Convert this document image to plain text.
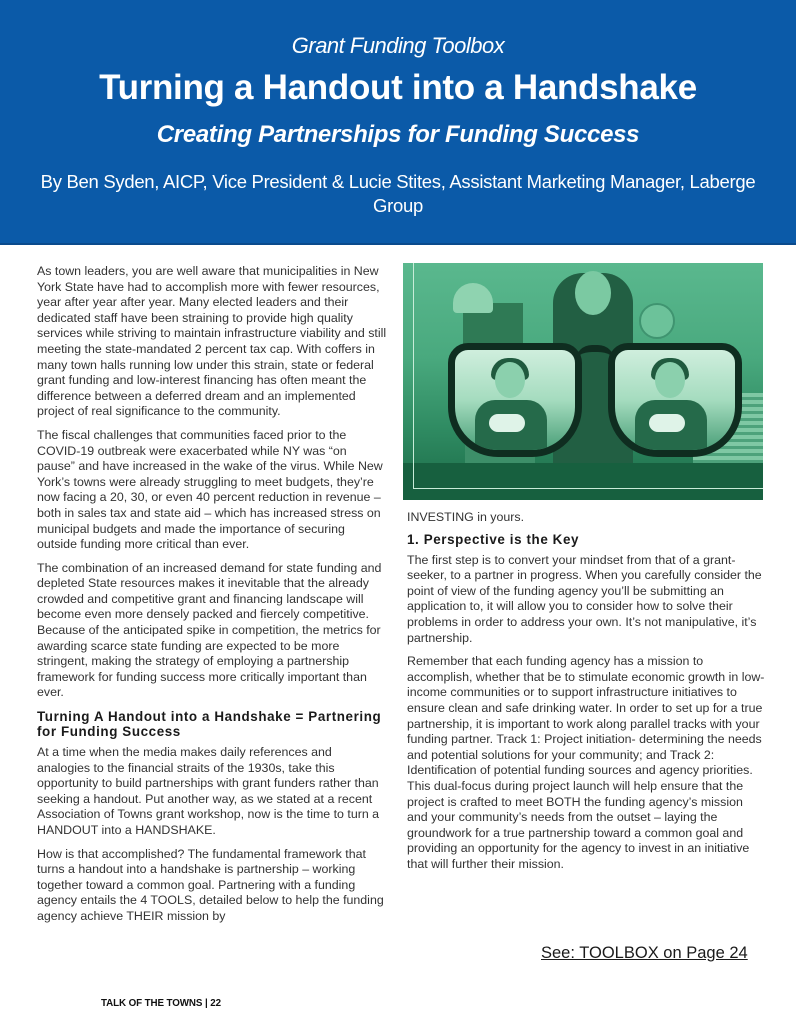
Grant Funding Toolbox
Turning a Handout into a Handshake
Creating Partnerships for Funding Success
By Ben Syden, AICP, Vice President & Lucie Stites, Assistant Marketing Manager, Laberge Group

As town leaders, you are well aware that municipalities in New York State have had to accomplish more with fewer resources, year after year after year. Many elected leaders and their dedicated staff have been straining to provide high quality services while striving to maintain infrastructure viability and still meeting the state-mandated 2 percent tax cap. With coffers in many town halls running low under this strain, state or federal grant funding and low-interest financing has often meant the difference between a deferred dream and an implemented project of real significance to the community.

The fiscal challenges that communities faced prior to the COVID-19 outbreak were exacerbated while NY was “on pause” and have increased in the wake of the virus. While New York’s towns were already struggling to meet budgets, they’re now facing a 20, 30, or even 40 percent reduction in revenue – both in sales tax and state aid – which has increased stress on municipal budgets and made the importance of securing outside funding more critical than ever.

The combination of an increased demand for state funding and depleted State resources makes it inevitable that the already crowded and competitive grant and financing landscape will become even more densely packed and fiercely competitive. Because of the anticipated spike in competition, the metrics for awarding scarce state funding are expected to be more stringent, making the strategy of employing a partnership framework for funding success more critically important than ever.

Turning A Handout into a Handshake = Partnering for Funding Success

At a time when the media makes daily references and analogies to the financial straits of the 1930s, take this opportunity to build partnerships with grant funders rather than seeking a handout. Put another way, as we stated at a recent Association of Towns grant workshop, now is the time to turn a HANDOUT into a HANDSHAKE.

How is that accomplished? The fundamental framework that turns a handout into a handshake is partnership – working together toward a common goal. Partnering with a funding agency entails the 4 TOOLS, detailed below to help the funding agency achieve THEIR mission by

INVESTING in yours.

1. Perspective is the Key

The first step is to convert your mindset from that of a grant-seeker, to a partner in progress. When you carefully consider the point of view of the funding agency you’ll be submitting an application to, it will allow you to consider how to solve their problems in order to address your own. It’s not manipulative, it’s partnership.

Remember that each funding agency has a mission to accomplish, whether that be to stimulate economic growth in low-income communities or to support infrastructure initiatives to ensure clean and safe drinking water. In order to set up for a true partnership, it is important to work along parallel tracks with your funding partner. Track 1: Project initiation- determining the needs and potential solutions for your community; and Track 2: Identification of potential funding sources and agency priorities. This dual-focus during project launch will help ensure that the project is crafted to meet BOTH the funding agency’s mission and your community’s needs from the outset – laying the groundwork for a true partnership toward a common goal and providing an opportunity for the agency to invest in an initiative that will further their mission.

See: TOOLBOX on Page 24
TALK OF THE TOWNS | 22
